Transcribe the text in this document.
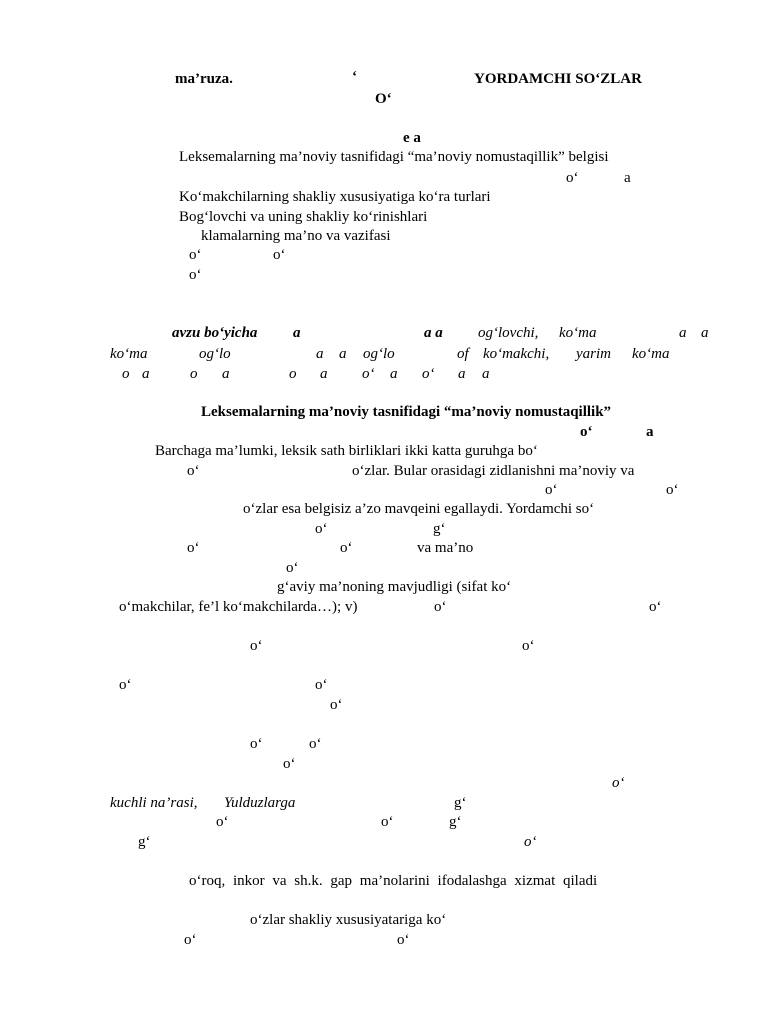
ma’ruza.	‘	YORDAMCHI SO‘ZLAR
O‘
e a
Leksemalarning ma’noviy tasnifidagi “ma’noviy nomustaqillik” belgisi
o‘	a
Ko‘makchilarning shakliy xususiyatiga ko‘ra turlari
Bog‘lovchi va uning shakliy ko‘rinishlari
klamalarning ma’no va vazifasi
o‘	o‘
o‘
avzu bo‘yicha a	a a og‘lovchi, ko‘ma	a a
ko‘ma	og‘lo	a a og‘lo	of ko‘makchi, yarim ko‘ma
o a	o a	o a o‘ a o‘ a a
Leksemalarning ma’noviy tasnifidagi “ma’noviy nomustaqillik”
o‘	a
Barchaga ma’lumki, leksik sath birliklari ikki katta guruhga bo‘
o‘	o‘zlar. Bular orasidagi zidlanishni ma’noviy va
o‘	o‘
o‘zlar esa belgisiz a’zo mavqeini egallaydi. Yordamchi so‘
o‘	g‘
o‘	o‘	va ma’no
o‘
g‘aviy ma’noning mavjudligi (sifat ko‘
o‘makchilar, fe’l ko‘makchilarda…); v)	o‘	o‘
o‘	o‘
o‘	o‘
o‘
o‘	o‘
o‘
o‘
kuchli na’rasi, Yulduzlarga	g‘
o‘	o‘	g‘
g‘	o‘
o‘roq, inkor va sh.k. gap ma’nolarini ifodalashga xizmat qiladi
o‘zlar shakliy xususiyatariga ko‘
o‘	o‘
